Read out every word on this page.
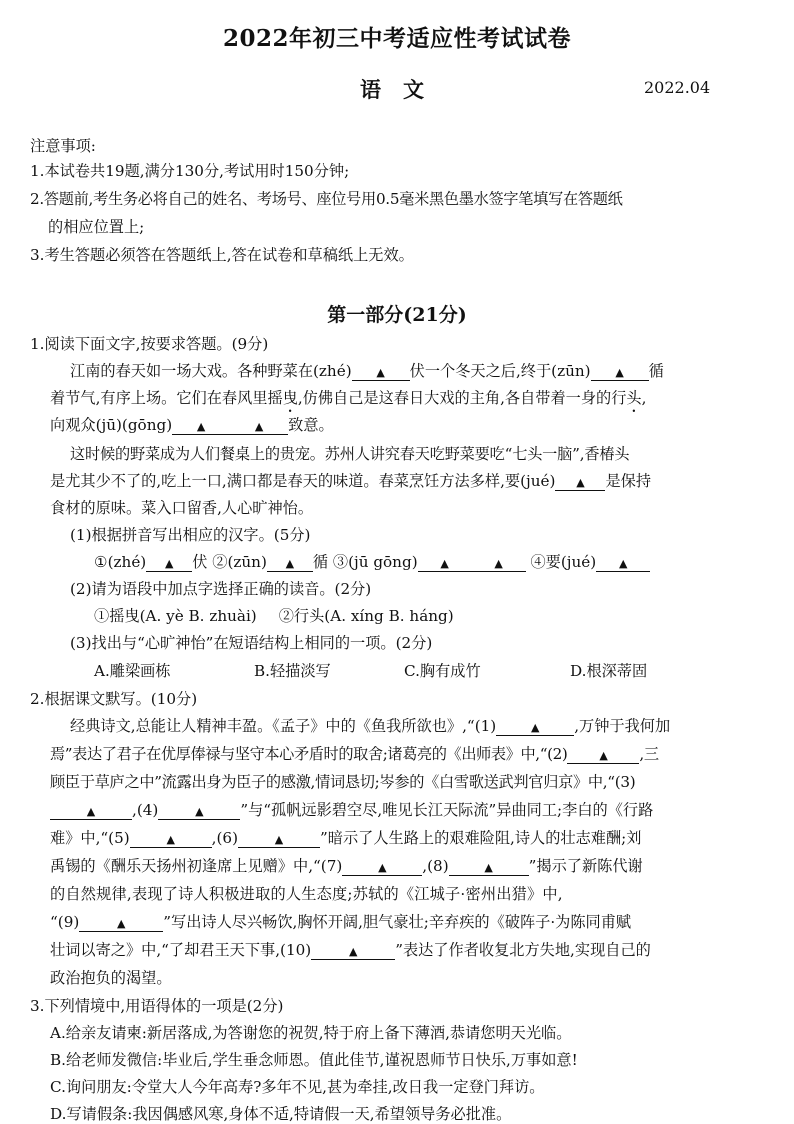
2022年初三中考适应性考试试卷
语文	2022.04
注意事项:
1.本试卷共19题,满分130分,考试用时150分钟;
2.答题前,考生务必将自己的姓名、考场号、座位号用0.5毫米黑色墨水签字笔填写在答题纸
的相应位置上;
3.考生答题必须答在答题纸上,答在试卷和草稿纸上无效。
第一部分(21分)
1.阅读下面文字,按要求答题。(9分)
江南的春天如一场大戏。各种野菜在(zhé) ▲	伏一个冬天之后,终于(zūn) ▲	循
着节气,有序上场。它们在春风里摇曳,仿佛自己是这春日大戏的主角,各自带着一身的行头,
向观众(jū)(gōng) ▲ ▲	致意。
这时候的野菜成为人们餐桌上的贵宠。苏州人讲究春天吃野菜要吃“七头一脑”,香椿头
是尤其少不了的,吃上一口,满口都是春天的味道。春菜烹饪方法多样,要(jué) ▲	是保持
食材的原味。菜入口留香,人心旷神怡。
(1)根据拼音写出相应的汉字。(5分)
①(zhé) ▲	伏 ②(zūn) ▲	循 ③(jū gōng) ▲ ▲	④要(jué)▲
(2)请为语段中加点字选择正确的读音。(2分)
①摇曳(A. yè B. zhuài) ②行头(A. xíng B. háng)
(3)找出与“心旷神怡”在短语结构上相同的一项。(2分)
A.雕梁画栋	B.轻描淡写	C.胸有成竹	D.根深蒂固
2.根据课文默写。(10分)
经典诗文,总能让人精神丰盈。《孟子》中的《鱼我所欲也》,“(1) ▲	,万钟于我何加
焉”表达了君子在优厚俸禄与坚守本心矛盾时的取舍;诸葛亮的《出师表》中,“(2) ▲	,三
顾臣于草庐之中”流露出身为臣子的感激,情词恳切;岑参的《白雪歌送武判官归京》中,“(3)
▲,(4) ▲	”与“孤帆远影碧空尽,唯见长江天际流”异曲同工;李白的《行路
难》中,“(5) ▲	,(6) ▲	”暗示了人生路上的艰难险阻,诗人的壮志难酬;刘
禹锡的《酬乐天扬州初逢席上见赠》中,“(7) ▲	,(8) ▲	”揭示了新陈代谢
的自然规律,表现了诗人积极进取的人生态度;苏轼的《江城子·密州出猎》中,
“(9) ▲	”写出诗人尽兴畅饮,胸怀开阔,胆气豪壮;辛弃疾的《破阵子·为陈同甫赋
壮词以寄之》中,“了却君王天下事,(10) ▲	”表达了作者收复北方失地,实现自己的
政治抱负的渴望。
3.下列情境中,用语得体的一项是(2分)
A.给亲友请柬:新居落成,为答谢您的祝贺,特于府上备下薄酒,恭请您明天光临。
B.给老师发微信:毕业后,学生垂念师恩。值此佳节,谨祝恩师节日快乐,万事如意!
C.询问朋友:令堂大人今年高寿?多年不见,甚为牵挂,改日我一定登门拜访。
D.写请假条:我因偶感风寒,身体不适,特请假一天,希望领导务必批准。
